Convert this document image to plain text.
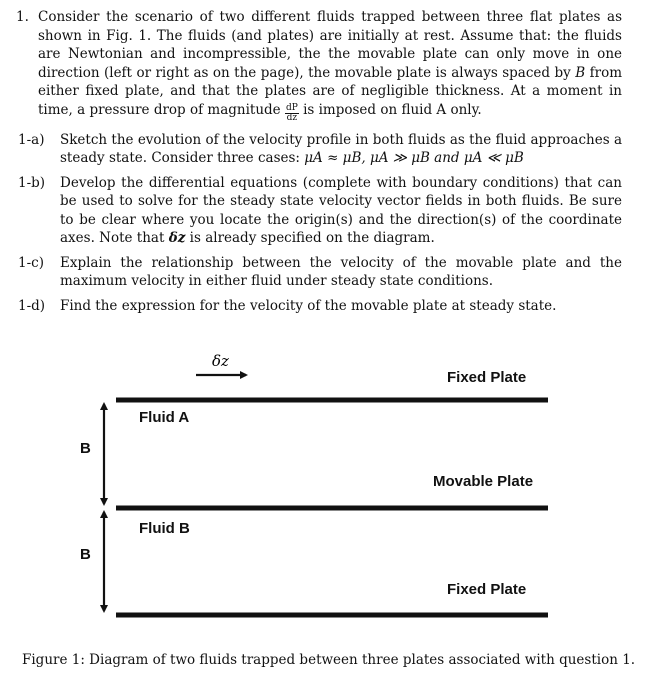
1. Consider the scenario of two different fluids trapped between three flat plates as shown in Fig. 1. The fluids (and plates) are initially at rest. Assume that: the fluids are Newtonian and incompressible, the the movable plate can only move in one direction (left or right as on the page), the movable plate is always spaced by B from either fixed plate, and that the plates are of negligible thickness. At a moment in time, a pressure drop of magnitude $\frac{dP}{dz}$ is imposed on fluid A only.
1-a)	Sketch the evolution of the velocity profile in both fluids as the fluid approaches a steady state. Consider three cases: μA ≈ μB, μA ≫ μB and μA ≪ μB
1-b)	Develop the differential equations (complete with boundary conditions) that can be used to solve for the steady state velocity vector fields in both fluids. Be sure to be clear where you locate the origin(s) and the direction(s) of the coordinate axes. Note that δz is already specified on the diagram.
1-c)	Explain the relationship between the velocity of the movable plate and the maximum velocity in either fluid under steady state conditions.
1-d)	Find the expression for the velocity of the movable plate at steady state.
δz
Fixed Plate
Fluid A
B
Movable Plate
Fluid B
B
Fixed Plate
Figure 1: Diagram of two fluids trapped between three plates associated with question 1.
